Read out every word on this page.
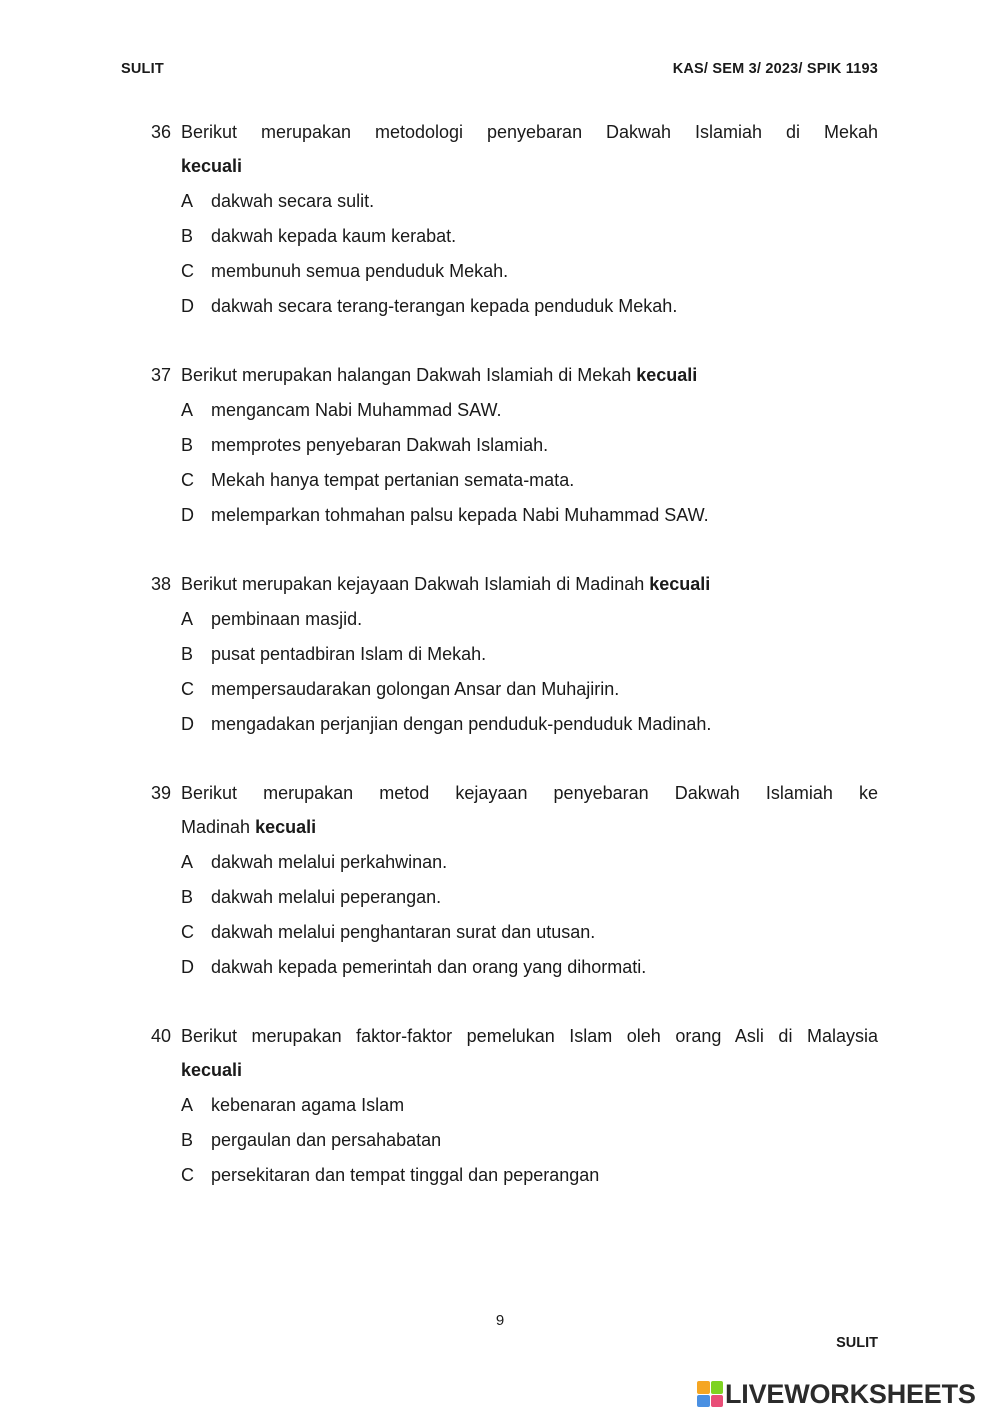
SULIT	KAS/ SEM 3/ 2023/ SPIK 1193
36 Berikut merupakan metodologi penyebaran Dakwah Islamiah di Mekah
kecuali
A dakwah secara sulit.
B dakwah kepada kaum kerabat.
C membunuh semua penduduk Mekah.
D dakwah secara terang-terangan kepada penduduk Mekah.
37 Berikut merupakan halangan Dakwah Islamiah di Mekah kecuali
A mengancam Nabi Muhammad SAW.
B memprotes penyebaran Dakwah Islamiah.
C Mekah hanya tempat pertanian semata-mata.
D melemparkan tohmahan palsu kepada Nabi Muhammad SAW.
38 Berikut merupakan kejayaan Dakwah Islamiah di Madinah kecuali
A pembinaan masjid.
B pusat pentadbiran Islam di Mekah.
C mempersaudarakan golongan Ansar dan Muhajirin.
D mengadakan perjanjian dengan penduduk-penduduk Madinah.
39 Berikut merupakan metod kejayaan penyebaran Dakwah Islamiah ke
Madinah kecuali
A dakwah melalui perkahwinan.
B dakwah melalui peperangan.
C dakwah melalui penghantaran surat dan utusan.
D dakwah kepada pemerintah dan orang yang dihormati.
40 Berikut merupakan faktor-faktor pemelukan Islam oleh orang Asli di Malaysia
kecuali
A kebenaran agama Islam
B pergaulan dan persahabatan
C persekitaran dan tempat tinggal dan peperangan
9
SULIT
LIVEWORKSHEETS
